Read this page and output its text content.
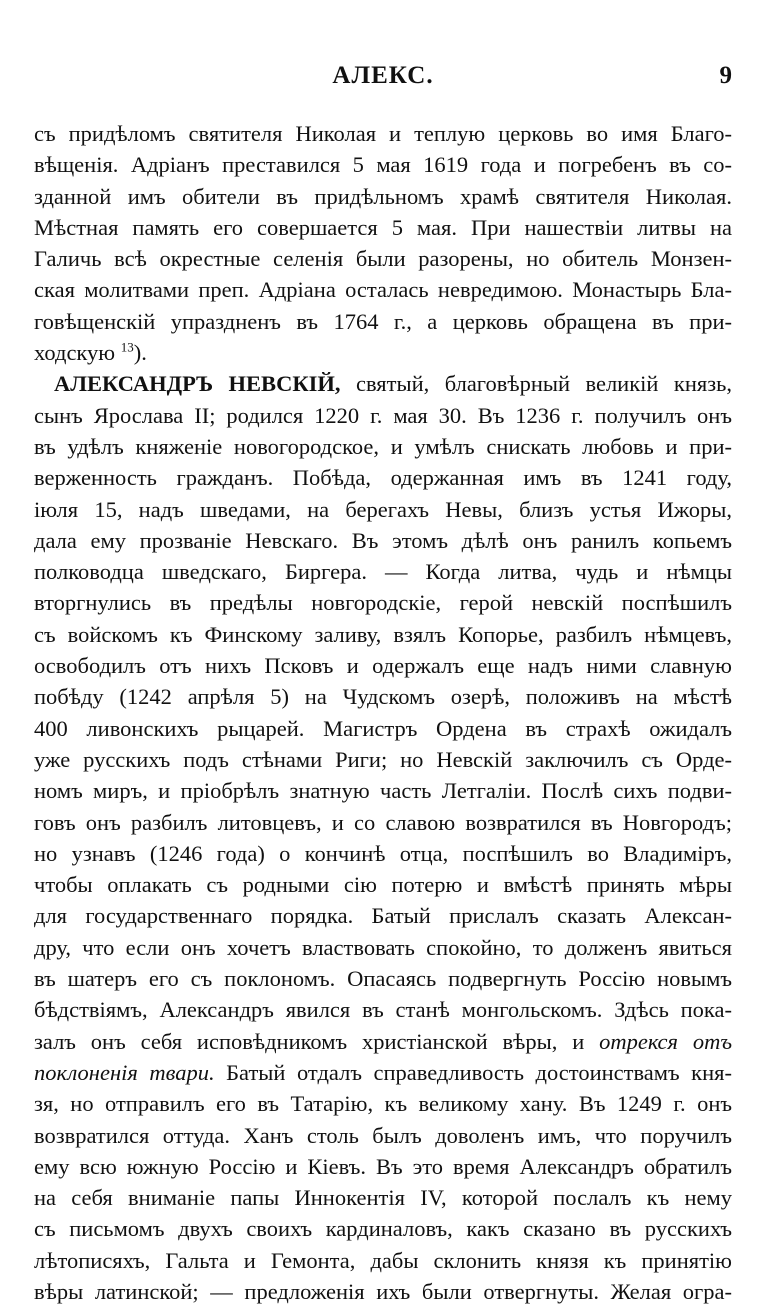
АЛЕКС.	9
съ придѣломъ святителя Николая и теплую церковь во имя Благо-
вѣщенія. Адріанъ преставился 5 мая 1619 года и погребенъ въ со-
зданной имъ обители въ придѣльномъ храмѣ святителя Николая.
Мѣстная память его совершается 5 мая. При нашествіи литвы на
Галичь всѣ окрестные селенія были разорены, но обитель Монзен-
ская молитвами преп. Адріана осталась невредимою. Монастырь Бла-
говѣщенскій упраздненъ въ 1764 г., а церковь обращена въ при-
ходскую $^{13}$).
АЛЕКСАНДРЪ НЕВСКІЙ, святый, благовѣрный великій князь,
сынъ Ярослава II; родился 1220 г. мая 30. Въ 1236 г. получилъ онъ
въ удѣлъ княженіе новогородское, и умѣлъ снискать любовь и при-
верженность гражданъ. Побѣда, одержанная имъ въ 1241 году,
іюля 15, надъ шведами, на берегахъ Невы, близъ устья Ижоры,
дала ему прозваніе Невскаго. Въ этомъ дѣлѣ онъ ранилъ копьемъ
полководца шведскаго, Биргера. — Когда литва, чудь и нѣмцы
вторгнулись въ предѣлы новгородскіе, герой невскій поспѣшилъ
съ войскомъ къ Финскому заливу, взялъ Копорье, разбилъ нѣмцевъ,
освободилъ отъ нихъ Псковъ и одержалъ еще надъ ними славную
побѣду (1242 апрѣля 5) на Чудскомъ озерѣ, положивъ на мѣстѣ
400 ливонскихъ рыцарей. Магистръ Ордена въ страхѣ ожидалъ
уже русскихъ подъ стѣнами Риги; но Невскій заключилъ съ Орде-
номъ миръ, и пріобрѣлъ знатную часть Летгаліи. Послѣ сихъ подви-
говъ онъ разбилъ литовцевъ, и со славою возвратился въ Новгородъ;
но узнавъ (1246 года) о кончинѣ отца, поспѣшилъ во Владиміръ,
чтобы оплакать съ родными сію потерю и вмѣстѣ принять мѣры
для государственнаго порядка. Батый прислалъ сказать Алексан-
дру, что если онъ хочетъ властвовать спокойно, то долженъ явиться
въ шатеръ его съ поклономъ. Опасаясь подвергнуть Россію новымъ
бѣдствіямъ, Александръ явился въ станѣ монгольскомъ. Здѣсь пока-
залъ онъ себя исповѣдникомъ христіанской вѣры, и отрекся отъ
поклоненія твари. Батый отдалъ справедливость достоинствамъ кня-
зя, но отправилъ его въ Татарію, къ великому хану. Въ 1249 г. онъ
возвратился оттуда. Ханъ столь былъ доволенъ имъ, что поручилъ
ему всю южную Россію и Кіевъ. Въ это время Александръ обратилъ
на себя вниманіе папы Иннокентія IV, которой послалъ къ нему
съ письмомъ двухъ своихъ кардиналовъ, какъ сказано въ русскихъ
лѣтописяхъ, Гальта и Гемонта, дабы склонить князя къ принятію
вѣры латинской; — предложенія ихъ были отвергнуты. Желая огра-
